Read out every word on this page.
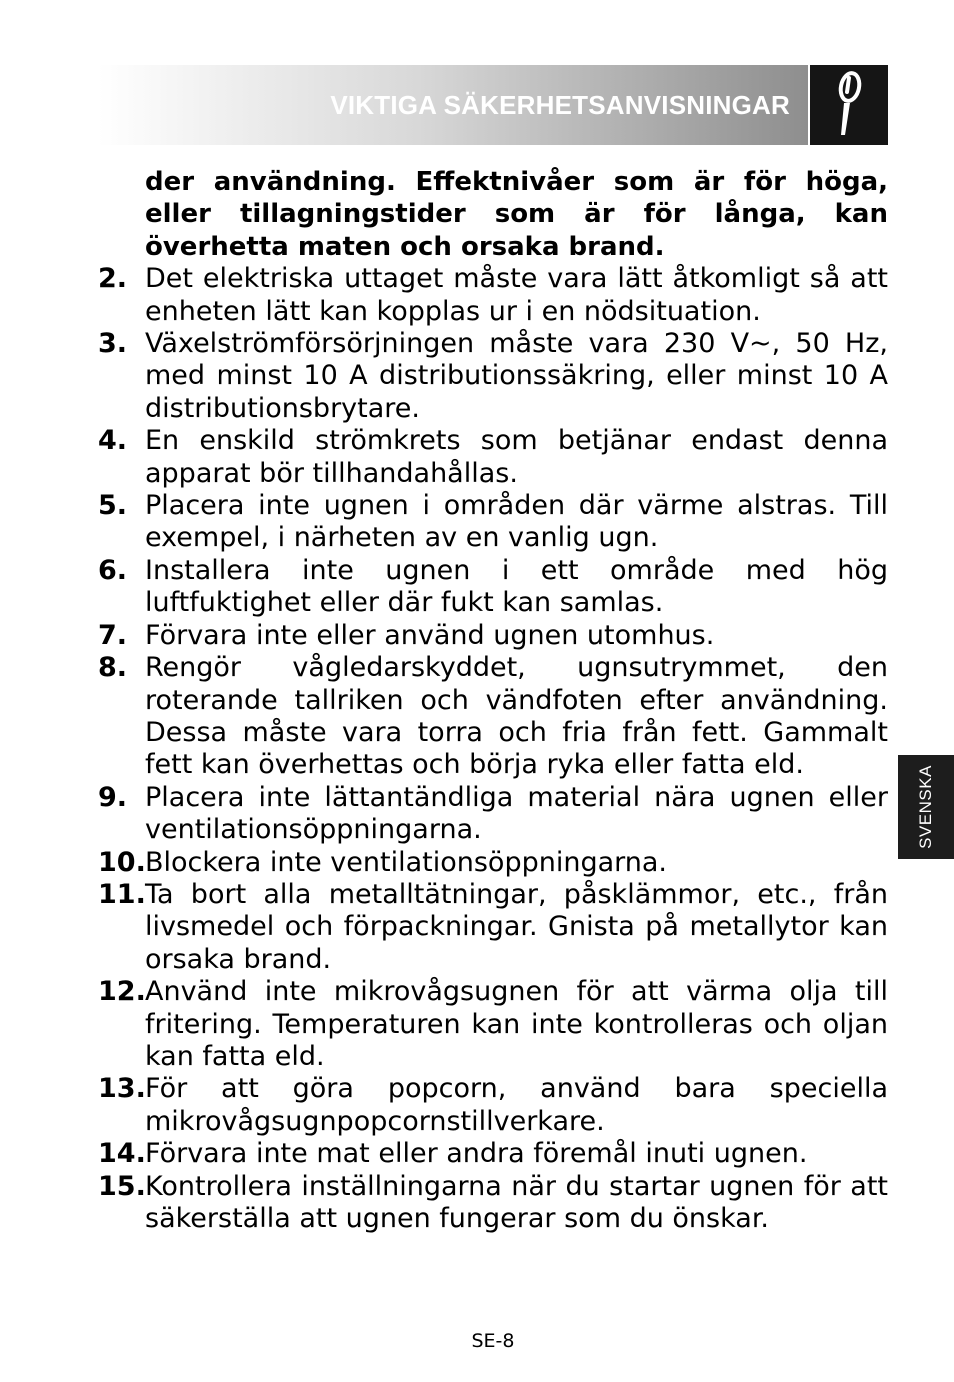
VIKTIGA SÄKERHETSANVISNINGAR

der användning. Effektnivåer som är för höga, eller tillagningstider som är för långa, kan överhetta maten och orsaka brand.

2. Det elektriska uttaget måste vara lätt åtkomligt så att enheten lätt kan kopplas ur i en nödsituation.
3. Växelströmförsörjningen måste vara 230 V~, 50 Hz, med minst 10 A distributionssäkring, eller minst 10 A distributionsbrytare.
4. En enskild strömkrets som betjänar endast denna apparat bör tillhandahållas.
5. Placera inte ugnen i områden där värme alstras. Till exempel, i närheten av en vanlig ugn.
6. Installera inte ugnen i ett område med hög luftfuktighet eller där fukt kan samlas.
7. Förvara inte eller använd ugnen utomhus.
8. Rengör vågledarskyddet, ugnsutrymmet, den roterande tallriken och vändfoten efter användning. Dessa måste vara torra och fria från fett. Gammalt fett kan överhettas och börja ryka eller fatta eld.
9. Placera inte lättantändliga material nära ugnen eller ventilationsöppningarna.
10. Blockera inte ventilationsöppningarna.
11. Ta bort alla metalltätningar, påsklämmor, etc., från livsmedel och förpackningar. Gnista på metallytor kan orsaka brand.
12. Använd inte mikrovågsugnen för att värma olja till fritering. Temperaturen kan inte kontrolleras och oljan kan fatta eld.
13. För att göra popcorn, använd bara speciella mikrovågsugnpopcornstillverkare.
14. Förvara inte mat eller andra föremål inuti ugnen.
15. Kontrollera inställningarna när du startar ugnen för att säkerställa att ugnen fungerar som du önskar.
SVENSKA
SE-8
